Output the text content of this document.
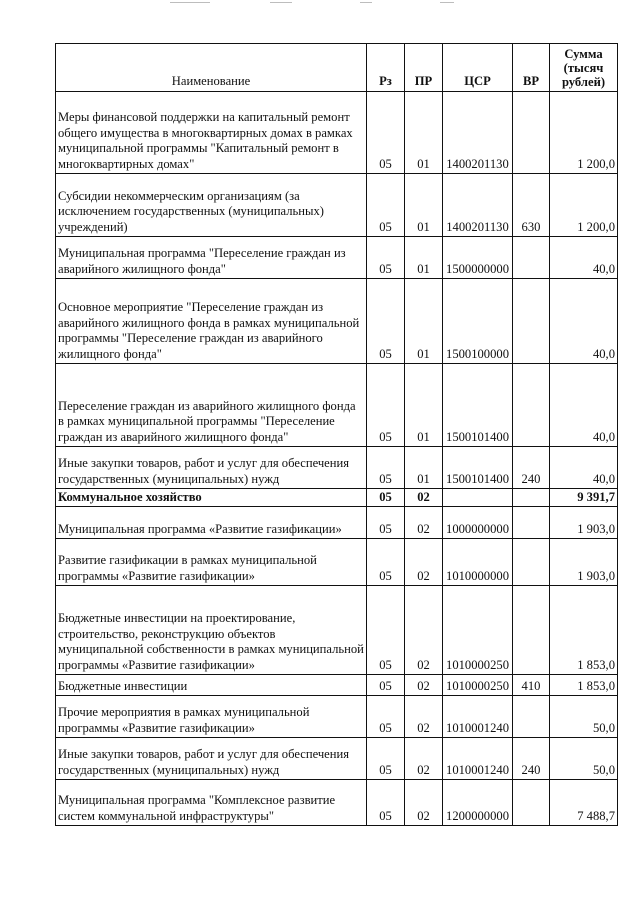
Наименование	Рз	ПР	ЦСР	ВР	Сумма (тысяч рублей)
Меры финансовой поддержки на капитальный ремонт общего имущества в многоквартирных домах в рамках муниципальной программы "Капитальный ремонт в многоквартирных домах"	05	01	1400201130		1 200,0
Субсидии некоммерческим организациям (за исключением государственных (муниципальных) учреждений)	05	01	1400201130	630	1 200,0
Муниципальная программа "Переселение граждан из аварийного жилищного фонда"	05	01	1500000000		40,0
Основное мероприятие "Переселение граждан из аварийного жилищного фонда в рамках муниципальной программы "Переселение граждан из аварийного жилищного фонда"	05	01	1500100000		40,0
Переселение граждан из аварийного жилищного фонда в рамках муниципальной программы "Переселение граждан из аварийного жилищного фонда"	05	01	1500101400		40,0
Иные закупки товаров, работ и услуг для обеспечения государственных (муниципальных) нужд	05	01	1500101400	240	40,0
Коммунальное хозяйство	05	02			9 391,7
Муниципальная программа «Развитие газификации»	05	02	1000000000		1 903,0
Развитие газификации в рамках муниципальной программы «Развитие газификации»	05	02	1010000000		1 903,0
Бюджетные инвестиции на проектирование, строительство, реконструкцию объектов муниципальной собственности в рамках муниципальной программы «Развитие газификации»	05	02	1010000250		1 853,0
Бюджетные инвестиции	05	02	1010000250	410	1 853,0
Прочие мероприятия в рамках муниципальной программы «Развитие газификации»	05	02	1010001240		50,0
Иные закупки товаров, работ и услуг для обеспечения государственных (муниципальных) нужд	05	02	1010001240	240	50,0
Муниципальная программа "Комплексное развитие систем коммунальной инфраструктуры"	05	02	1200000000		7 488,7
